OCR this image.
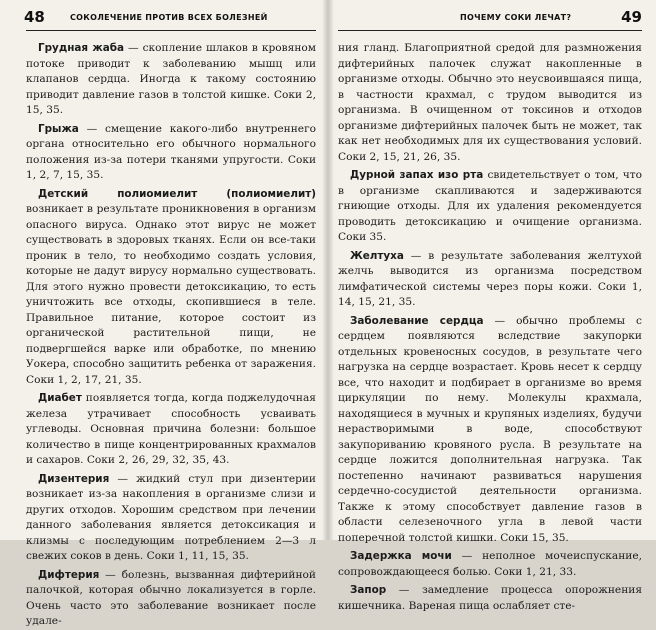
48	СОКОЛЕЧЕНИЕ ПРОТИВ ВСЕХ БОЛЕЗНЕЙ

Грудная жаба — скопление шлаков в кровяном потоке приводит к заболеванию мышц или клапанов сердца. Иногда к такому состоянию приводит давление газов в толстой кишке. Соки 2, 15, 35.

Грыжа — смещение какого-либо внутреннего органа относительно его обычного нормального положения из-за потери тканями упругости. Соки 1, 2, 7, 15, 35.

Детский полиомиелит (полиомиелит) возникает в результате проникновения в организм опасного вируса. Однако этот вирус не может существовать в здоровых тканях. Если он все-таки проник в тело, то необходимо создать условия, которые не дадут вирусу нормально существовать. Для этого нужно провести детоксикацию, то есть уничтожить все отходы, скопившиеся в теле. Правильное питание, которое состоит из органической растительной пищи, не подвергшейся варке или обработке, по мнению Уокера, способно защитить ребенка от заражения. Соки 1, 2, 17, 21, 35.

Диабет появляется тогда, когда поджелудочная железа утрачивает способность усваивать углеводы. Основная причина болезни: большое количество в пище концентрированных крахмалов и сахаров. Соки 2, 26, 29, 32, 35, 43.

Дизентерия — жидкий стул при дизентерии возникает из-за накопления в организме слизи и других отходов. Хорошим средством при лечении данного заболевания является детоксикация и клизмы с последующим потреблением 2—3 л свежих соков в день. Соки 1, 11, 15, 35.

Дифтерия — болезнь, вызванная дифтерийной палочкой, которая обычно локализуется в горле. Очень часто это заболевание возникает после удале-

ПОЧЕМУ СОКИ ЛЕЧАТ?	49

ния гланд. Благоприятной средой для размножения дифтерийных палочек служат накопленные в организме отходы. Обычно это неусвоившаяся пища, в частности крахмал, с трудом выводится из организма. В очищенном от токсинов и отходов организме дифтерийных палочек быть не может, так как нет необходимых для их существования условий. Соки 2, 15, 21, 26, 35.

Дурной запах изо рта свидетельствует о том, что в организме скапливаются и задерживаются гниющие отходы. Для их удаления рекомендуется проводить детоксикацию и очищение организма. Соки 35.

Желтуха — в результате заболевания желтухой желчь выводится из организма посредством лимфатической системы через поры кожи. Соки 1, 14, 15, 21, 35.

Заболевание сердца — обычно проблемы с сердцем появляются вследствие закупорки отдельных кровеносных сосудов, в результате чего нагрузка на сердце возрастает. Кровь несет к сердцу все, что находит и подбирает в организме во время циркуляции по нему. Молекулы крахмала, находящиеся в мучных и крупяных изделиях, будучи нерастворимыми в воде, способствуют закупориванию кровяного русла. В результате на сердце ложится дополнительная нагрузка. Так постепенно начинают развиваться нарушения сердечно-сосудистой деятельности организма. Также к этому способствует давление газов в области селезеночного угла в левой части поперечной толстой кишки. Соки 15, 35.

Задержка мочи — неполное мочеиспускание, сопровождающееся болью. Соки 1, 21, 33.

Запор — замедление процесса опорожнения кишечника. Вареная пища ослабляет сте-
